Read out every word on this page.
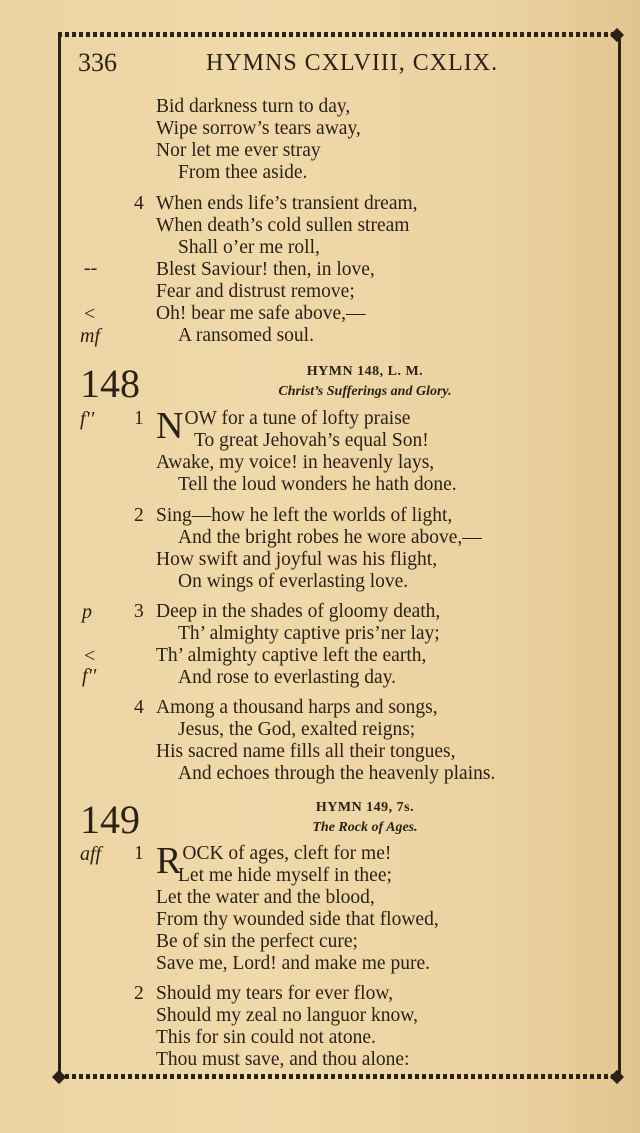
336	HYMNS CXLVIII, CXLIX.
Bid darkness turn to day,
Wipe sorrow’s tears away,
Nor let me ever stray
From thee aside.
4 When ends life’s transient dream,
When death’s cold sullen stream
Shall o’er me roll,
--	Blest Saviour! then, in love,
Fear and distrust remove;
<	Oh! bear me safe above,—
mf	A ransomed soul.
148	HYMN 148, L. M.
Christ’s Sufferings and Glory.
f'' 1 NOW for a tune of lofty praise
To great Jehovah’s equal Son!
Awake, my voice! in heavenly lays,
Tell the loud wonders he hath done.
2 Sing—how he left the worlds of light,
And the bright robes he wore above,—
How swift and joyful was his flight,
On wings of everlasting love.
p 3 Deep in the shades of gloomy death,
Th’ almighty captive pris’ner lay;
<	Th’ almighty captive left the earth,
f''	And rose to everlasting day.
4 Among a thousand harps and songs,
Jesus, the God, exalted reigns;
His sacred name fills all their tongues,
And echoes through the heavenly plains.
149	HYMN 149, 7s.
The Rock of Ages.
aff 1 ROCK of ages, cleft for me!
Let me hide myself in thee;
Let the water and the blood,
From thy wounded side that flowed,
Be of sin the perfect cure;
Save me, Lord! and make me pure.
2 Should my tears for ever flow,
Should my zeal no languor know,
This for sin could not atone.
Thou must save, and thou alone:
